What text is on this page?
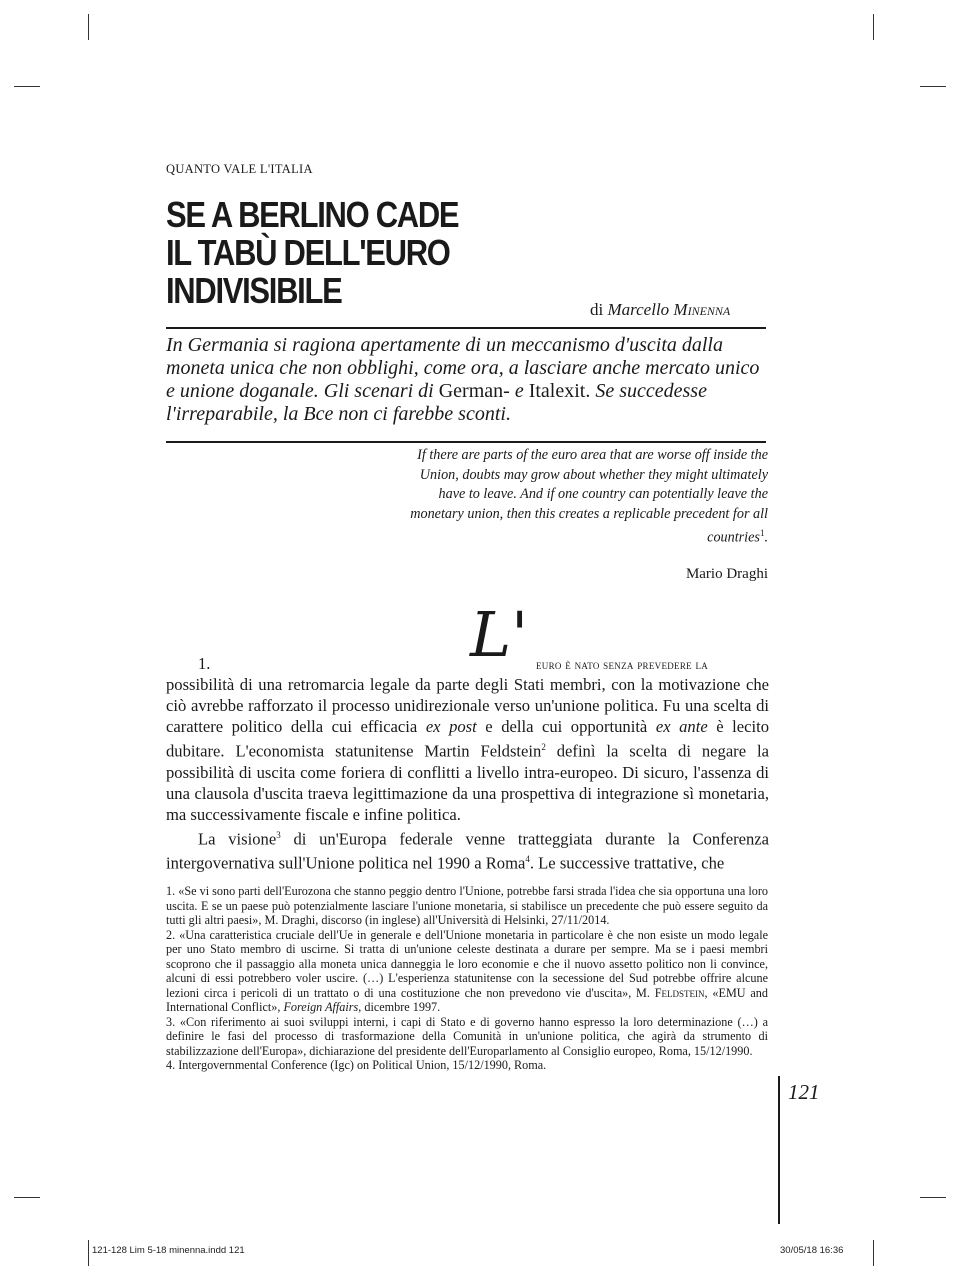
QUANTO VALE L'ITALIA
SE A BERLINO CADE
IL TABÙ DELL'EURO
INDIVISIBILE	di Marcello Minenna
In Germania si ragiona apertamente di un meccanismo d'uscita dalla moneta unica che non obblighi, come ora, a lasciare anche mercato unico e unione doganale. Gli scenari di German- e Italexit. Se succedesse l'irreparabile, la Bce non ci farebbe sconti.
If there are parts of the euro area that are worse off inside the Union, doubts may grow about whether they might ultimately have to leave. And if one country can potentially leave the monetary union, then this creates a replicable precedent for all countries$^1$.
Mario Draghi
L'
1.	euro è nato senza prevedere la

possibilità di una retromarcia legale da parte degli Stati membri, con la motivazione che ciò avrebbe rafforzato il processo unidirezionale verso un'unione politica. Fu una scelta di carattere politico della cui efficacia ex post e della cui opportunità ex ante è lecito dubitare. L'economista statunitense Martin Feldstein$^2$ definì la scelta di negare la possibilità di uscita come foriera di conflitti a livello intra-europeo. Di sicuro, l'assenza di una clausola d'uscita traeva legittimazione da una prospettiva di integrazione sì monetaria, ma successivamente fiscale e infine politica.

La visione$^3$ di un'Europa federale venne tratteggiata durante la Conferenza intergovernativa sull'Unione politica nel 1990 a Roma$^4$. Le successive trattative, che

1. «Se vi sono parti dell'Eurozona che stanno peggio dentro l'Unione, potrebbe farsi strada l'idea che sia opportuna una loro uscita. E se un paese può potenzialmente lasciare l'unione monetaria, si stabilisce un precedente che può essere seguito da tutti gli altri paesi», M. Draghi, discorso (in inglese) all'Università di Helsinki, 27/11/2014.

2. «Una caratteristica cruciale dell'Ue in generale e dell'Unione monetaria in particolare è che non esiste un modo legale per uno Stato membro di uscirne. Si tratta di un'unione celeste destinata a durare per sempre. Ma se i paesi membri scoprono che il passaggio alla moneta unica danneggia le loro economie e che il nuovo assetto politico non li convince, alcuni di essi potrebbero voler uscire. (…) L'esperienza statunitense con la secessione del Sud potrebbe offrire alcune lezioni circa i pericoli di un trattato o di una costituzione che non prevedono vie d'uscita», M. Feldstein, «EMU and International Conflict», Foreign Affairs, dicembre 1997.

3. «Con riferimento ai suoi sviluppi interni, i capi di Stato e di governo hanno espresso la loro determinazione (…) a definire le fasi del processo di trasformazione della Comunità in un'unione politica, che agirà da strumento di stabilizzazione dell'Europa», dichiarazione del presidente dell'Europarlamento al Consiglio europeo, Roma, 15/12/1990.

4. Intergovernmental Conference (Igc) on Political Union, 15/12/1990, Roma.

121
121-128 Lim 5-18 minenna.indd 121	30/05/18 16:36
